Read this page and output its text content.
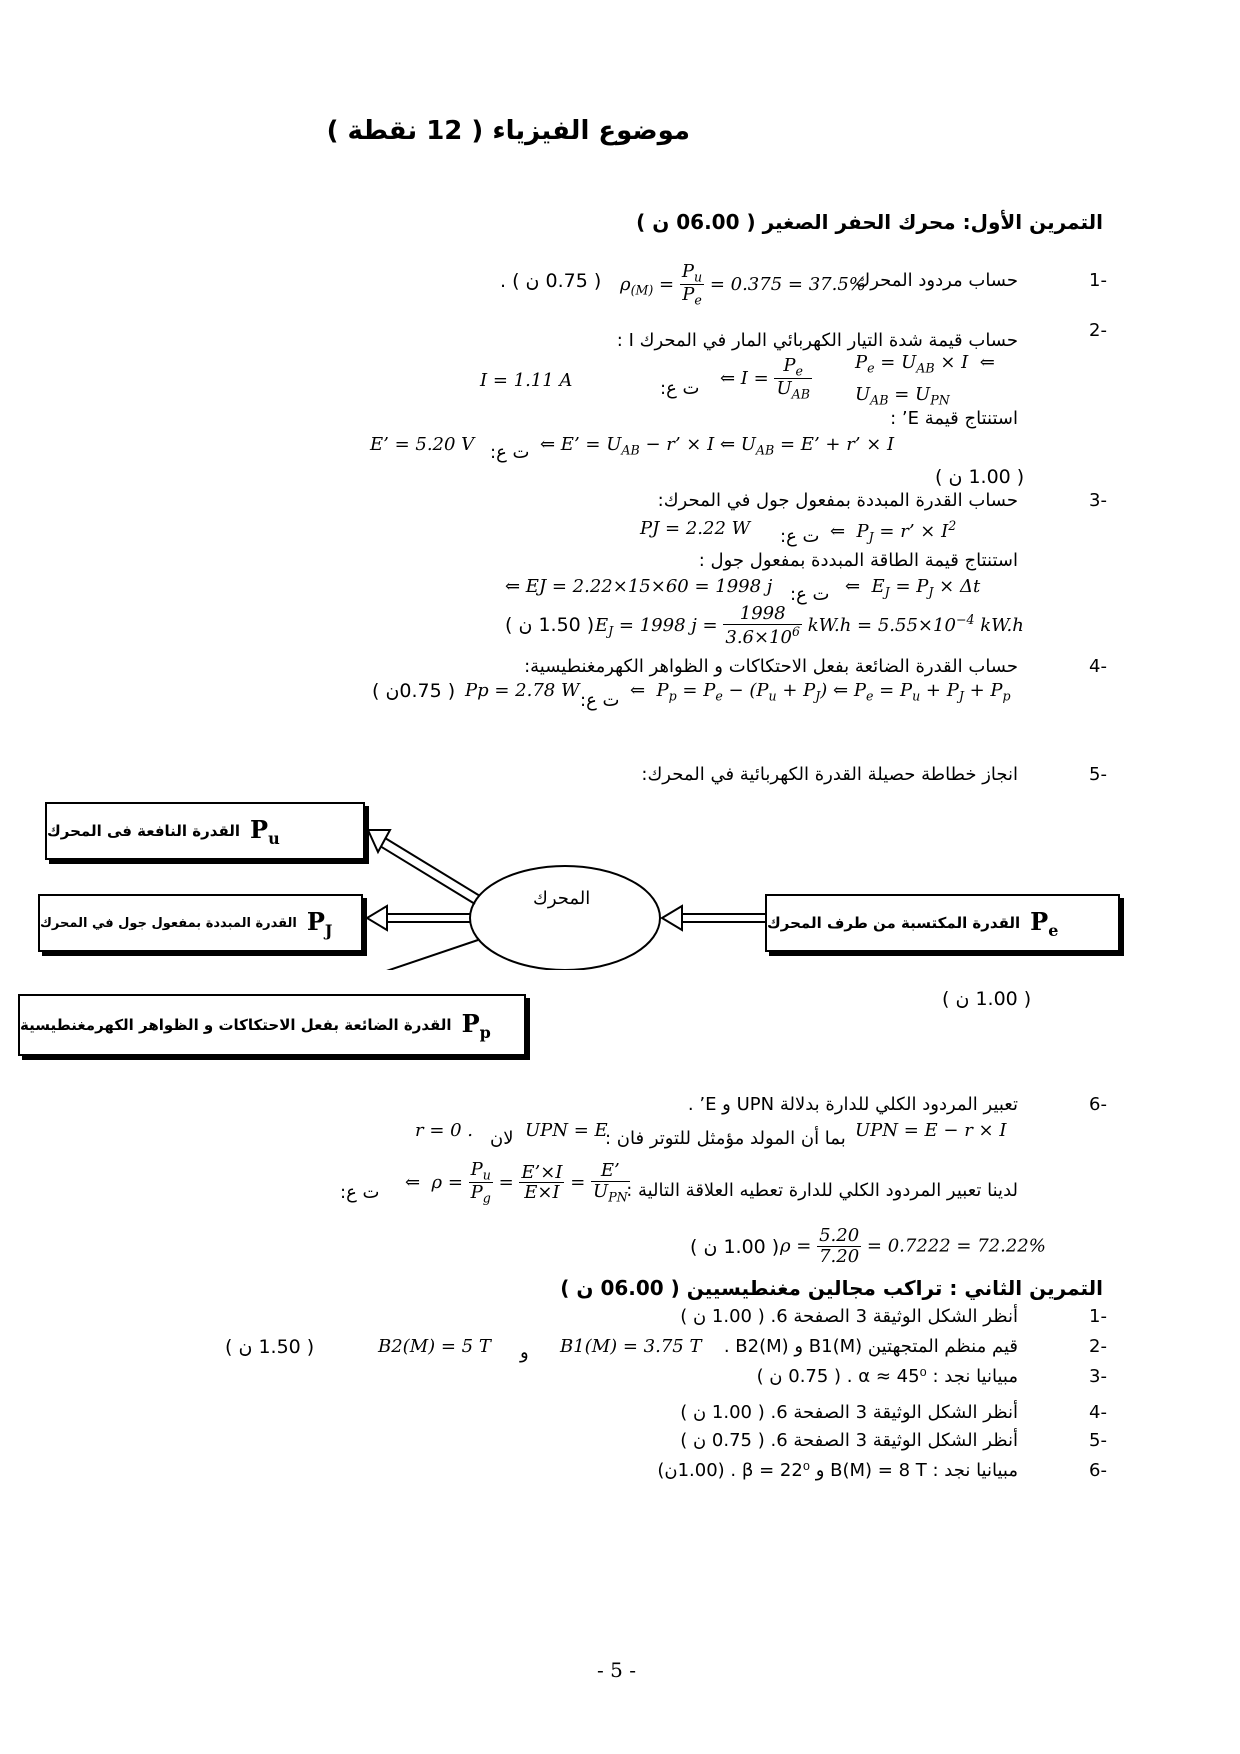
موضوع الفيزياء ( 12 نقطة )
التمرين الأول: محرك الحفر الصغير ( 06.00 ن )
-1
حساب مردود المحرك
$\rho_{(M)} = \frac{P_u}{P_e} = 0.375 = 37.5\%$
( 0.75 ن ) .
-2
حساب قيمة شدة التيار الكهربائي المار في المحرك I :
I = 1.11 A	ت ع: ⇐ $I = \frac{P_e}{U_{AB}} P_e = U_{AB} \times I$  ⇐
$U_{AB} = U_{PN}$
استنتاج قيمة E’ :
E’ = 5.20 V ت ع: ⇐ E’ = $U_{AB} - r$’ × I ⇐ $U_{AB} = E$’ + r’ × I
( 1.00 ن )
-3
حساب القدرة المبددة بمفعول جول في المحرك:
PJ = 2.22 W ت ع: ⇐  $P_J = r$’ × $I^2$
استنتاج قيمة الطاقة المبددة بمفعول جول :
⇐ EJ = 2.22×15×60 = 1998 j ت ع: ⇐  $E_J = P_J \times \Delta t$
( 1.50 ن ) $E_J = 1998$ $j = \frac{1998}{3.6\times 10^6} kW.h = 5.55\times 10^{-4}$ kW.h
-4
حساب القدرة الضائعة بفعل الاحتكاكات و الظواهر الكهرمغنطيسية:
( 0.75ن ) Pp = 2.78 W ت ع: ⇐  $P_p = P_e - (P_u + P_J)$ ⇐ $P_e = P_u + P_J + P_p$
-5
انجاز خطاطة حصيلة القدرة الكهربائية في المحرك:
المحرك
$P_e$
القدرة المكتسبة من طرف المحرك
$P_u$
القدرة النافعة فى المحرك
$P_J$
القدرة المبددة بمفعول جول في المحرك
$P_p$
القدرة الضائعة بفعل الاحتكاكات و الظواهر الكهرمغنطيسية
( 1.00 ن )
-6
تعبير المردود الكلي للدارة بدلالة UPN و E’ .
UPN = E − r × I
بما أن المولد مؤمثل للتوتر فان :
UPN = E
لان
r = 0 .
لدينا تعبير المردود الكلي للدارة تعطيه العلاقة التالية :
⇐  $\rho = \frac{P_u}{P_g} = \frac{E’\times I}{E\times I} = \frac{E’}{U_{PN}}$
ت ع:
( 1.00 ن ) $\rho = \frac{5.20}{7.20} = 0.7222 = 72.22\%$
التمرين الثاني : تراكب مجالين مغنطيسيين ( 06.00 ن )
-1
أنظر الشكل الوثيقة 3 الصفحة 6. ( 1.00 ن )
-2
قيم منظم المتجهتين B1(M) و B2(M) .
B1(M) = 3.75 T
و
B2(M) = 5 T
( 1.50 ن )
-3
مبيانيا نجد : α ≈ 45⁰ . ( 0.75 ن )
-4
أنظر الشكل الوثيقة 3 الصفحة 6. ( 1.00 ن )
-5
أنظر الشكل الوثيقة 3 الصفحة 6. ( 0.75 ن )
-6
مبيانيا نجد : B(M) = 8 T و β = 22⁰ . (1.00ن)
- 5 -
